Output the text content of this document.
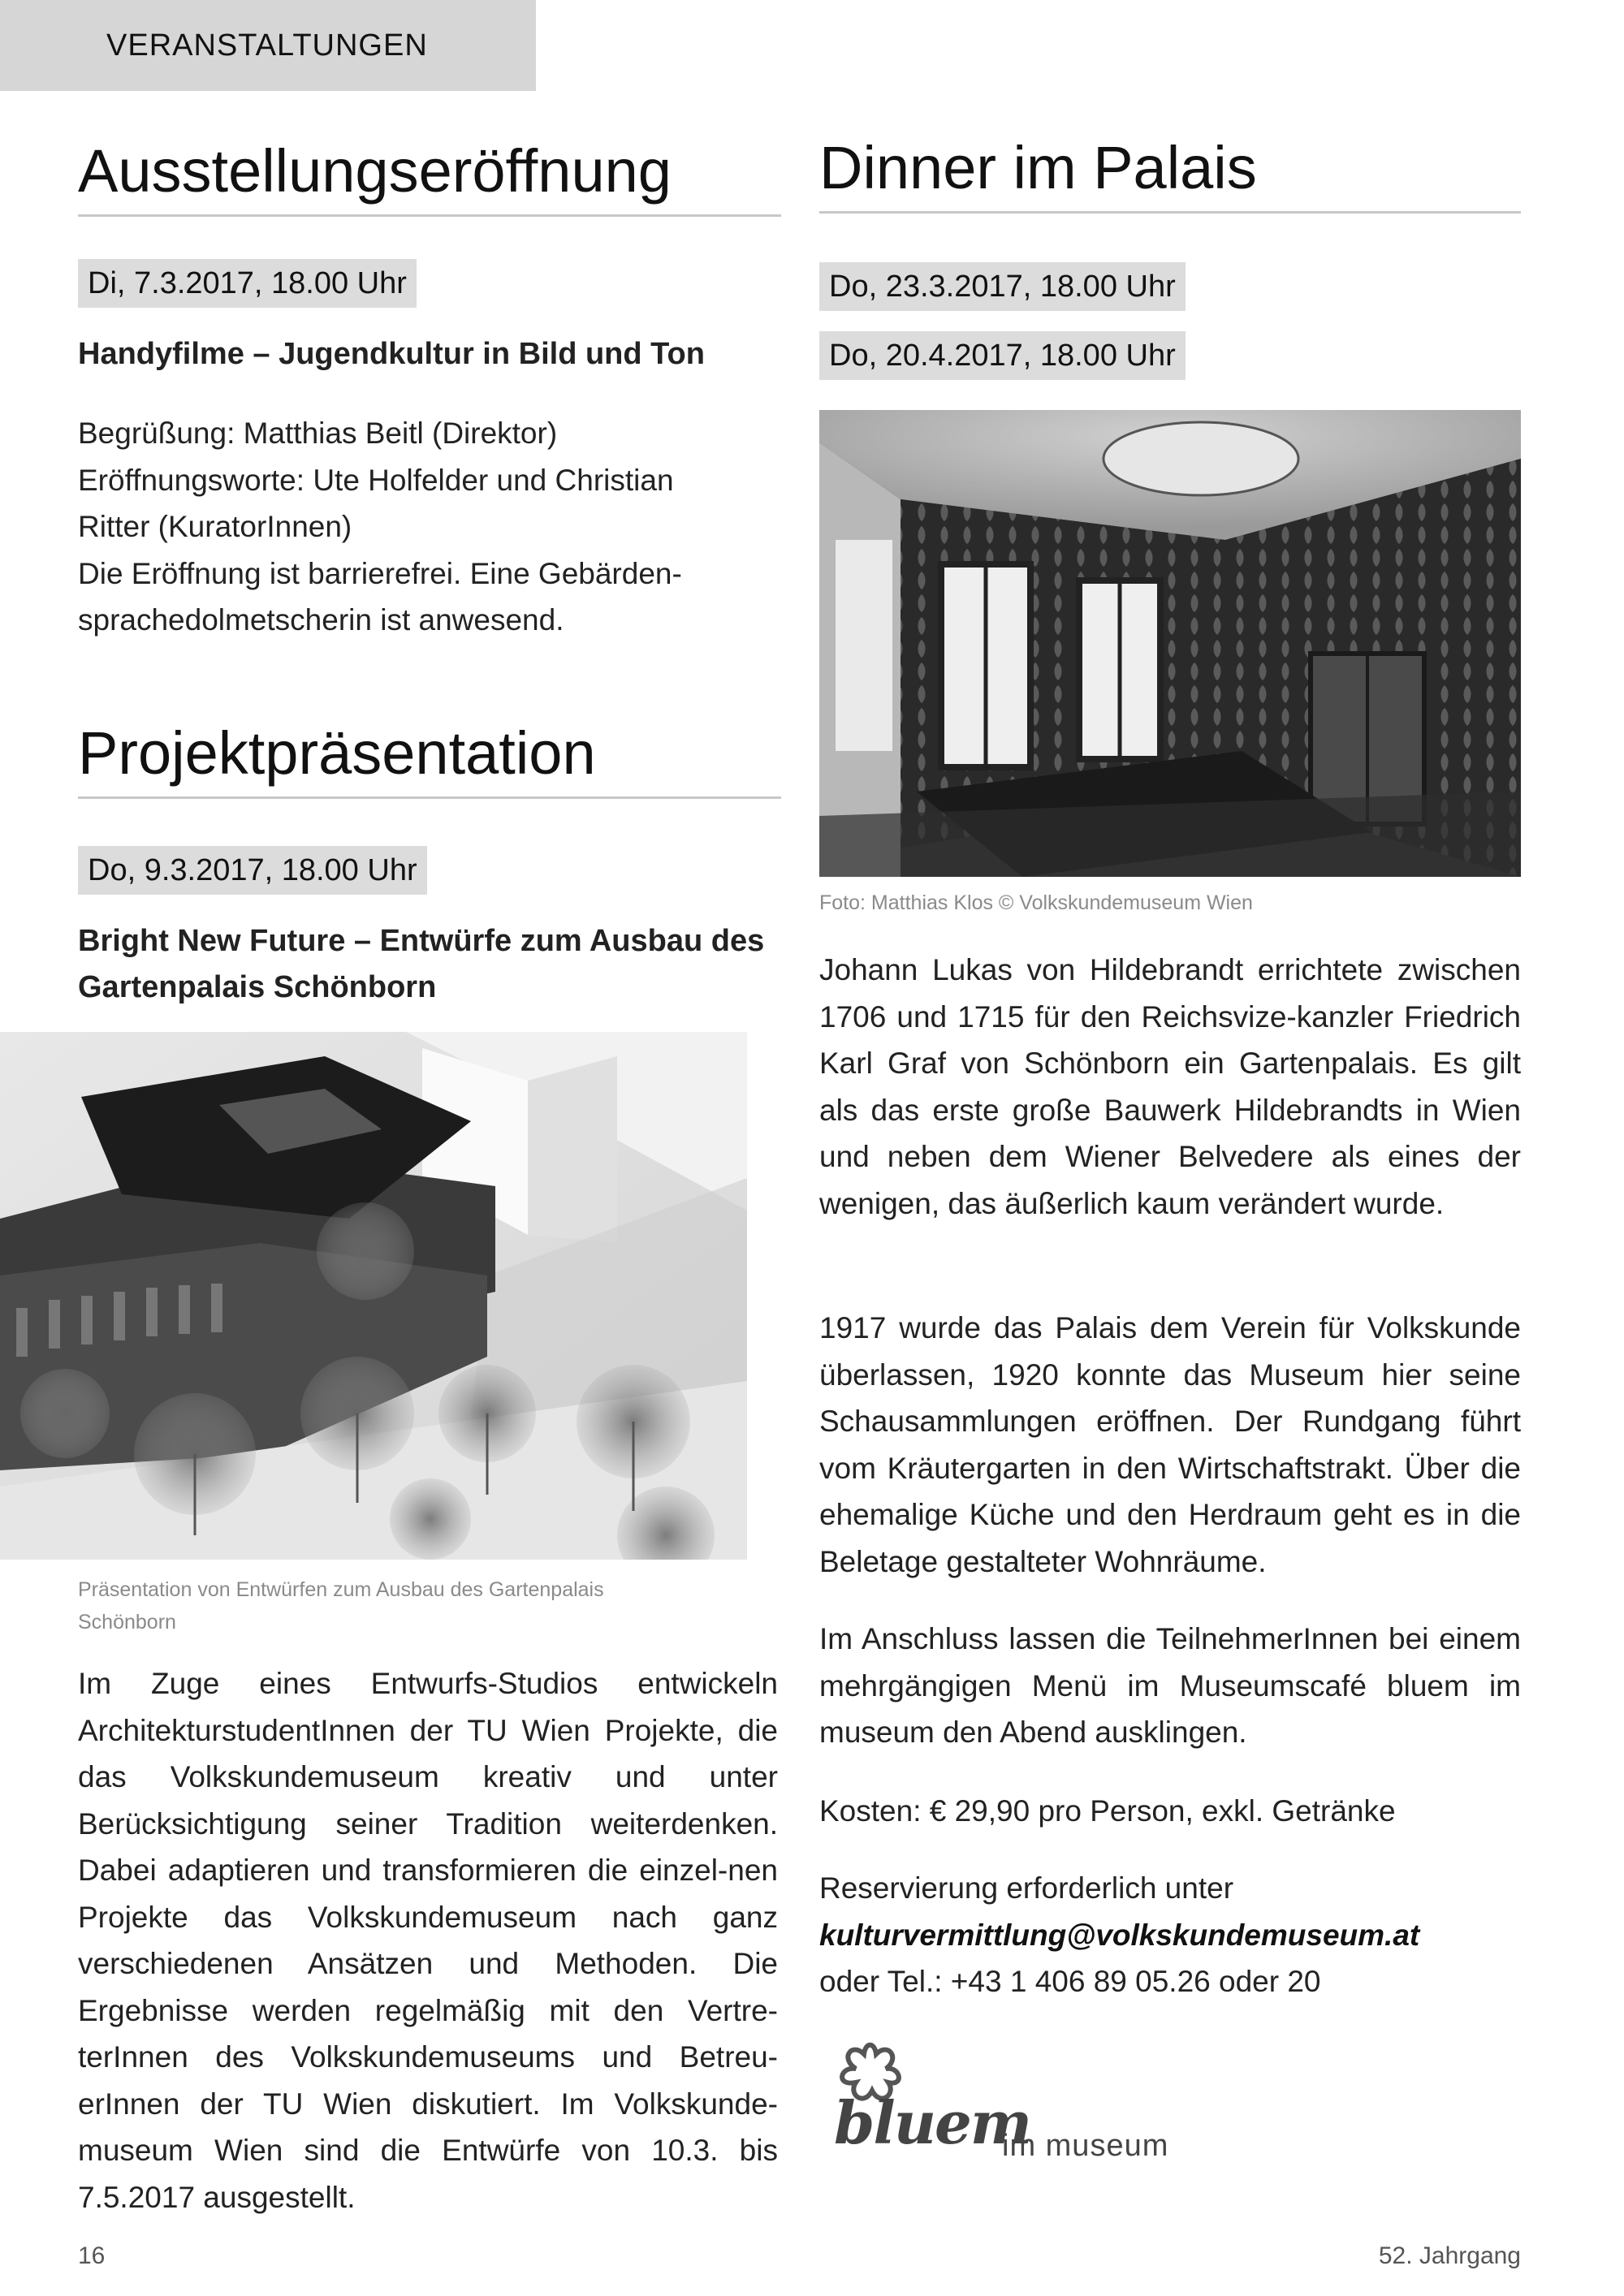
VERANSTALTUNGEN
Ausstellungseröffnung
Di, 7.3.2017, 18.00 Uhr
Handyfilme – Jugendkultur in Bild und Ton

Begrüßung: Matthias Beitl (Direktor)

Eröffnungsworte: Ute Holfelder und Christian

Ritter (KuratorInnen)

Die Eröffnung ist barrierefrei. Eine Gebärden-

sprachedolmetscherin ist anwesend.

Projektpräsentation
Do, 9.3.2017, 18.00 Uhr
Bright New Future – Entwürfe zum Ausbau des
Gartenpalais Schönborn
Präsentation von Entwürfen zum Ausbau des Gartenpalais
Schönborn
Im Zuge eines Entwurfs-Studios entwickeln ArchitekturstudentInnen der TU Wien Projekte, die das Volkskundemuseum kreativ und unter Berücksichtigung seiner Tradition weiterdenken. Dabei adaptieren und transformieren die einzel-nen Projekte das Volkskundemuseum nach ganz verschiedenen Ansätzen und Methoden. Die Ergebnisse werden regelmäßig mit den Vertre-terInnen des Volkskundemuseums und Betreu-erInnen der TU Wien diskutiert. Im Volkskunde-museum Wien sind die Entwürfe von 10.3. bis 7.5.2017 ausgestellt.
Dinner im Palais
Do, 23.3.2017, 18.00 Uhr
Do, 20.4.2017, 18.00 Uhr
Foto: Matthias Klos © Volkskundemuseum Wien
Johann Lukas von Hildebrandt errichtete zwischen 1706 und 1715 für den Reichsvize-kanzler Friedrich Karl Graf von Schönborn ein Gartenpalais. Es gilt als das erste große Bauwerk Hildebrandts in Wien und neben dem Wiener Belvedere als eines der wenigen, das äußerlich kaum verändert wurde.
1917 wurde das Palais dem Verein für Volkskunde überlassen, 1920 konnte das Museum hier seine Schausammlungen eröffnen. Der Rundgang führt vom Kräutergarten in den Wirtschaftstrakt. Über die ehemalige Küche und den Herdraum geht es in die Beletage gestalteter Wohnräume.
Im Anschluss lassen die TeilnehmerInnen bei einem mehrgängigen Menü im Museumscafé bluem im museum den Abend ausklingen.
Kosten: € 29,90 pro Person, exkl. Getränke
Reservierung erforderlich unter
kulturvermittlung@volkskundemuseum.at
oder Tel.: +43 1 406 89 05.26 oder 20
bluem
im museum
16	52. Jahrgang
